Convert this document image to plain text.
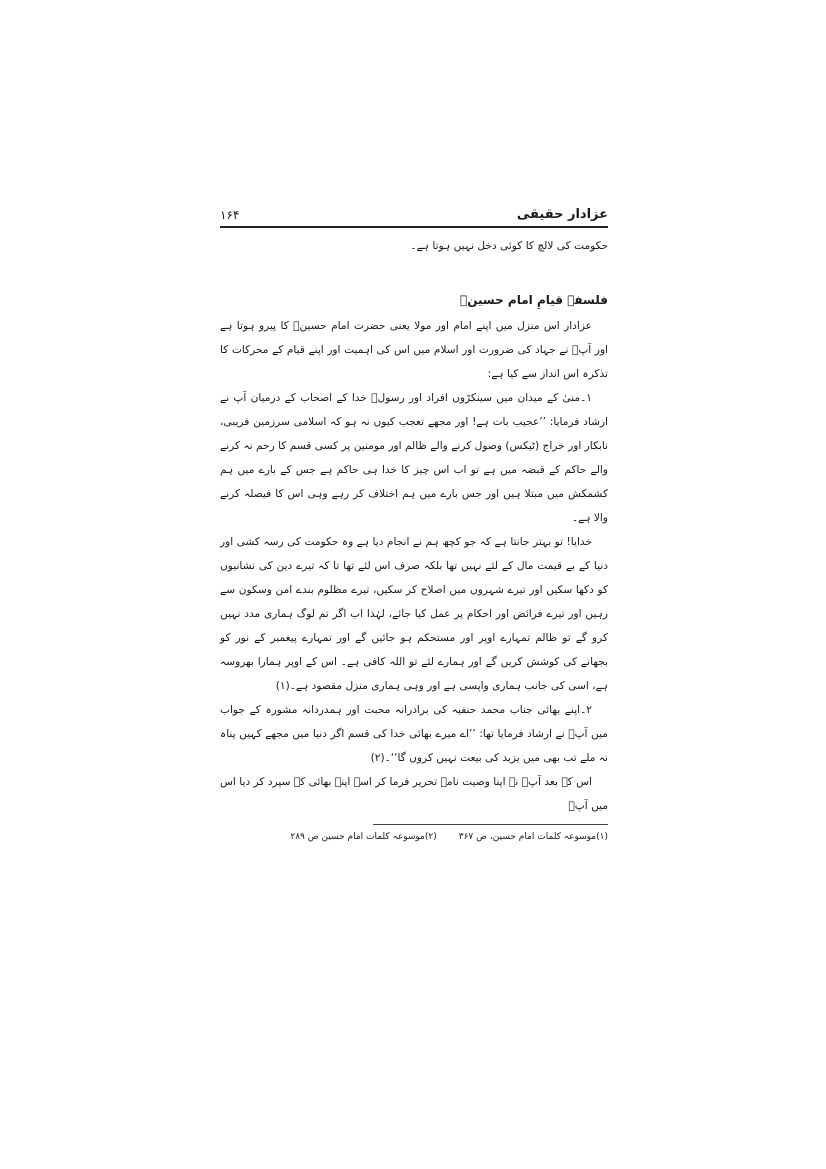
عزادار حقیقی
۱۶۴

حکومت کی لالچ کا کوئی دخل نہیں ہوتا ہے۔

فلسفۂ قیامِ امام حسینؑ

عزادار اس منزل میں اپنے امام اور مولا یعنی حضرت امام حسینؑ کا پیرو ہوتا ہے اور آپؑ نے جہاد کی ضرورت اور اسلام میں اس کی اہمیت اور اپنے قیام کے محرکات کا تذکرہ اس انداز سے کیا ہے:

۱۔منیٰ کے میدان میں سینکڑوں افراد اور رسولؐ خدا کے اصحاب کے درمیان آپ نے ارشاد فرمایا: ’’عجیب بات ہے! اور مجھے تعجب کیوں نہ ہو کہ اسلامی سرزمین فریبی، نابکار اور خراج (ٹیکس) وصول کرنے والے ظالم اور مومنین پر کسی قسم کا رحم نہ کرنے والے حاکم کے قبضہ میں ہے تو اب اس چیز کا خدا ہی حاکم ہے جس کے بارے میں ہم کشمکش میں مبتلا ہیں اور جس بارے میں ہم اختلاف کر رہے وہی اس کا فیصلہ کرنے والا ہے۔

خدایا! تو بہتر جانتا ہے کہ جو کچھ ہم نے انجام دیا ہے وہ حکومت کی رسہ کشی اور دنیا کے بے قیمت مال کے لئے نہیں تھا بلکہ صرف اس لئے تھا تا کہ تیرے دین کی نشانیوں کو دکھا سکیں اور تیرے شہروں میں اصلاح کر سکیں، تیرے مظلوم بندے امن وسکون سے رہیں اور تیرے فرائض اور احکام پر عمل کیا جائے، لہٰذا اب اگر تم لوگ ہماری مدد نہیں کرو گے تو ظالم تمہارے اوپر اور مستحکم ہو جائیں گے اور تمہارے پیغمبر کے نور کو بجھانے کی کوشش کریں گے اور ہمارے لئے تو اللہ کافی ہے۔ اس کے اوپر ہمارا بھروسہ ہے، اسی کی جانب ہماری واپسی ہے اور وہی ہماری منزل مقصود ہے۔(۱)

۲۔اپنے بھائی جناب محمد حنفیہ کی برادرانہ محبت اور ہمدردانہ مشورہ کے جواب میں آپؑ نے ارشاد فرمایا تھا: ’’اے میرے بھائی خدا کی قسم اگر دنیا میں مجھے کہیں پناہ نہ ملے تب بھی میں یزید کی بیعت نہیں کروں گا‘‘۔(۲)

اس کے بعد آپؑ نے اپنا وصیت نامہ تحریر فرما کر اسے اپنے بھائی کے سپرد کر دیا اس میں آپؑ

(۱)موسوعہ کلمات امام حسین، ص ۳۶۷
(۲)موسوعہ کلمات امام حسین ص ۲۸۹
